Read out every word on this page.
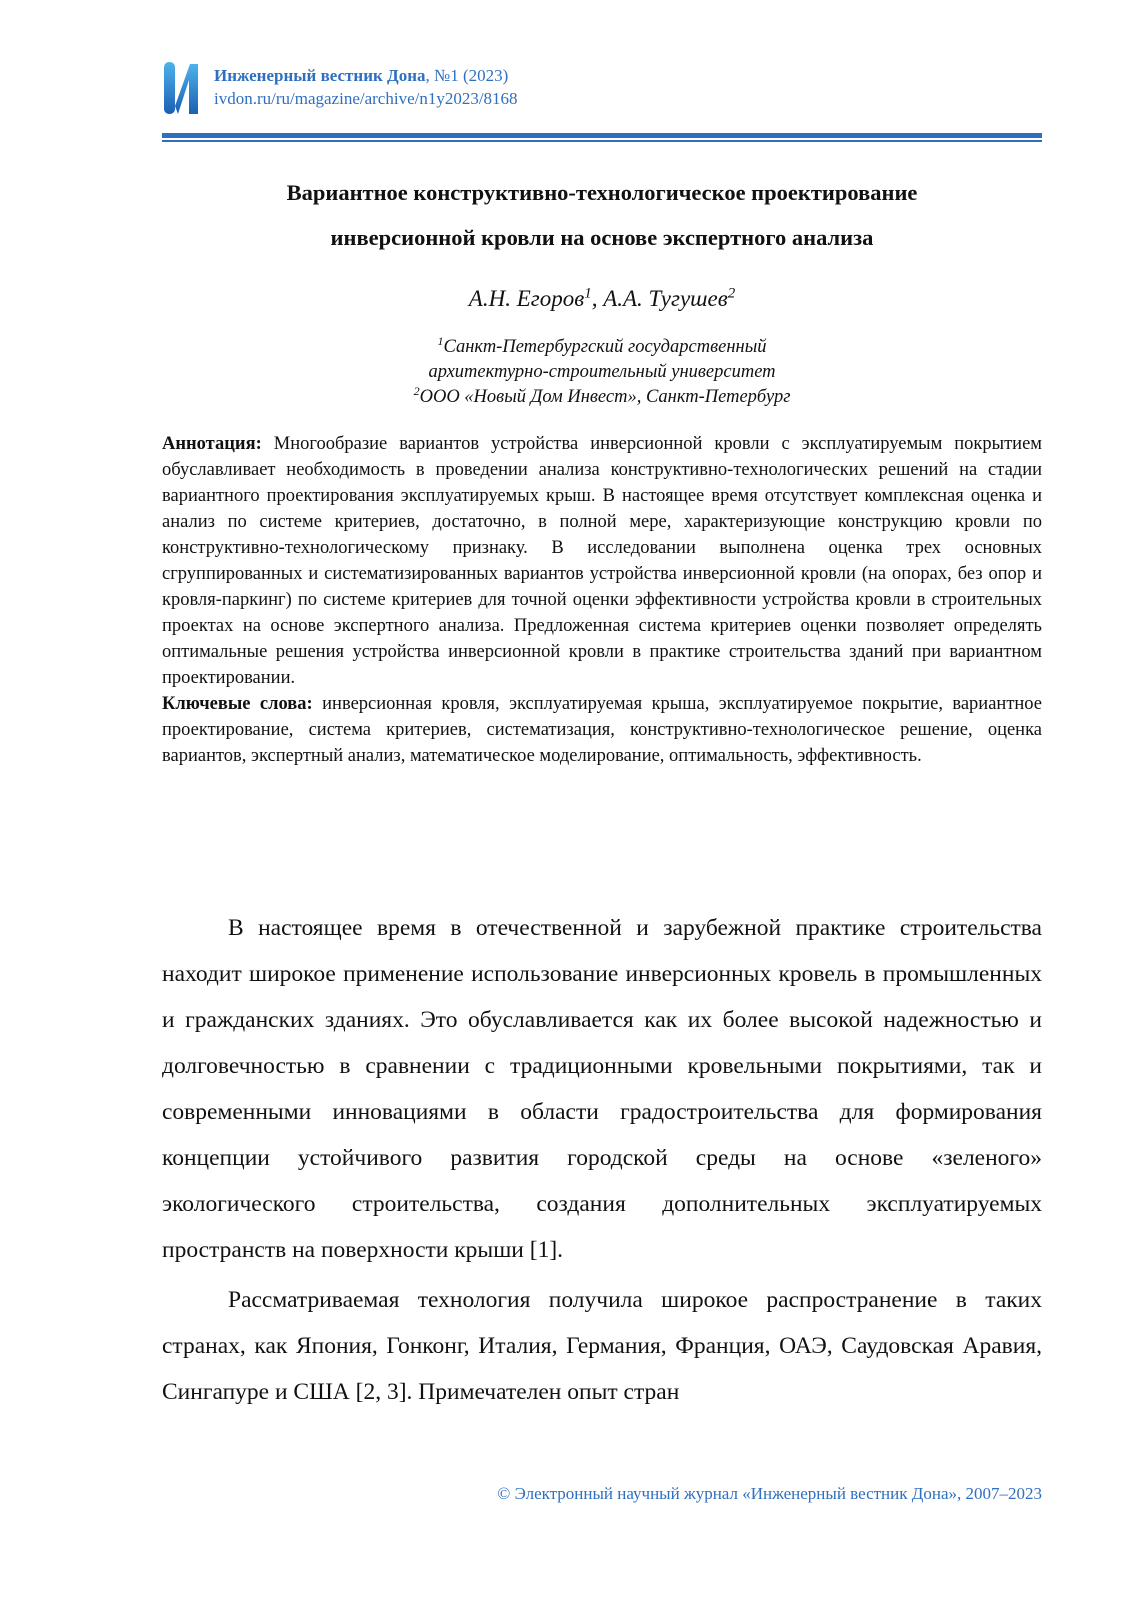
Инженерный вестник Дона, №1 (2023)
ivdon.ru/ru/magazine/archive/n1y2023/8168
Вариантное конструктивно-технологическое проектирование
инверсионной кровли на основе экспертного анализа
А.Н. Егоров$^1$, А.А. Тугушев$^2$
$^1$Санкт-Петербургский государственный
архитектурно-строительный университет
$^2$ООО «Новый Дом Инвест», Санкт-Петербург

Аннотация: Многообразие вариантов устройства инверсионной кровли с эксплуатируемым покрытием обуславливает необходимость в проведении анализа конструктивно-технологических решений на стадии вариантного проектирования эксплуатируемых крыш. В настоящее время отсутствует комплексная оценка и анализ по системе критериев, достаточно, в полной мере, характеризующие конструкцию кровли по конструктивно-технологическому признаку. В исследовании выполнена оценка трех основных сгруппированных и систематизированных вариантов устройства инверсионной кровли (на опорах, без опор и кровля-паркинг) по системе критериев для точной оценки эффективности устройства кровли в строительных проектах на основе экспертного анализа. Предложенная система критериев оценки позволяет определять оптимальные решения устройства инверсионной кровли в практике строительства зданий при вариантном проектировании.

Ключевые слова: инверсионная кровля, эксплуатируемая крыша, эксплуатируемое покрытие, вариантное проектирование, система критериев, систематизация, конструктивно-технологическое решение, оценка вариантов, экспертный анализ, математическое моделирование, оптимальность, эффективность.

В настоящее время в отечественной и зарубежной практике строительства находит широкое применение использование инверсионных кровель в промышленных и гражданских зданиях. Это обуславливается как их более высокой надежностью и долговечностью в сравнении с традиционными кровельными покрытиями, так и современными инновациями в области градостроительства для формирования концепции устойчивого развития городской среды на основе «зеленого» экологического строительства, создания дополнительных эксплуатируемых пространств на поверхности крыши [1].

Рассматриваемая технология получила широкое распространение в таких странах, как Япония, Гонконг, Италия, Германия, Франция, ОАЭ, Саудовская Аравия, Сингапуре и США [2, 3]. Примечателен опыт стран

© Электронный научный журнал «Инженерный вестник Дона», 2007–2023
